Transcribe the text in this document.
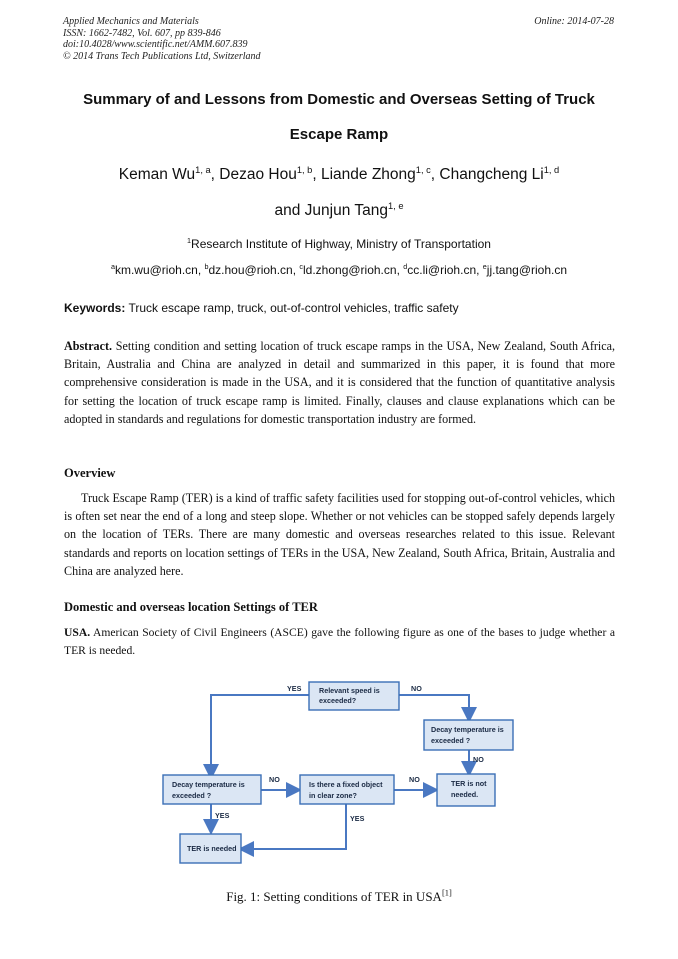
Applied Mechanics and Materials
ISSN: 1662-7482, Vol. 607, pp 839-846
doi:10.4028/www.scientific.net/AMM.607.839
© 2014 Trans Tech Publications Ltd, Switzerland
Online: 2014-07-28
Summary of and Lessons from Domestic and Overseas Setting of Truck
Escape Ramp
Keman Wu$^{1, a}$, Dezao Hou$^{1, b}$, Liande Zhong$^{1, c}$, Changcheng Li$^{1, d}$
and Junjun Tang$^{1, e}$
$^1$Research Institute of Highway, Ministry of Transportation
$^a$km.wu@rioh.cn, $^b$dz.hou@rioh.cn, $^c$ld.zhong@rioh.cn, $^d$cc.li@rioh.cn, $^e$jj.tang@rioh.cn
Keywords: Truck escape ramp, truck, out-of-control vehicles, traffic safety
Abstract. Setting condition and setting location of truck escape ramps in the USA, New Zealand, South Africa, Britain, Australia and China are analyzed in detail and summarized in this paper, it is found that more comprehensive consideration is made in the USA, and it is considered that the function of quantitative analysis for setting the location of truck escape ramp is limited. Finally, clauses and clause explanations which can be adopted in standards and regulations for domestic transportation industry are formed.
Overview
Truck Escape Ramp (TER) is a kind of traffic safety facilities used for stopping out-of-control vehicles, which is often set near the end of a long and steep slope. Whether or not vehicles can be stopped safely depends largely on the location of TERs. There are many domestic and overseas researches related to this issue. Relevant standards and reports on location settings of TERs in the USA, New Zealand, South Africa, Britain, Australia and China are analyzed here.
Domestic and overseas location Settings of TER
USA. American Society of Civil Engineers (ASCE) gave the following figure as one of the bases to judge whether a TER is needed.
YES	NO
NO
NO	NO
YES	YES
Relevant speed is
exceeded?
Decay temperature is
exceeded ?
Decay temperature is
exceeded ?
Is there a fixed object
in clear zone?
TER is not
needed.
TER is needed
Fig. 1: Setting conditions of TER in USA[1]
